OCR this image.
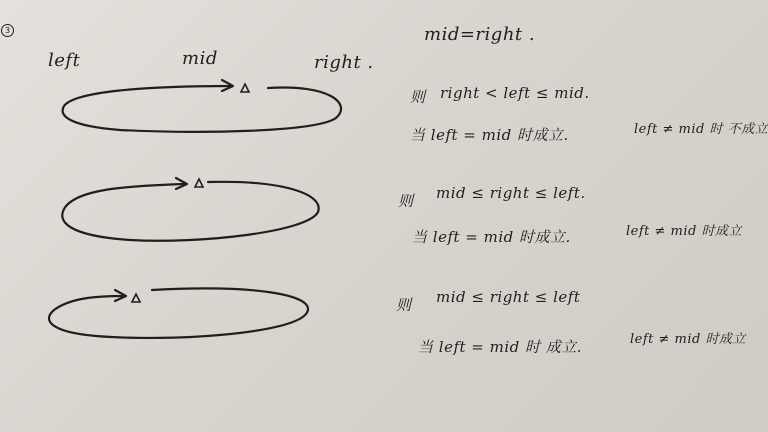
3
left	mid	right .
mid=right .
则 right < left ≤ mid.
当 left = mid 时成立.	left ≠ mid 时 不成立
则 mid ≤ right ≤ left.
当 left = mid 时成立.	left ≠ mid 时成立
则 mid ≤ right ≤ left
当 left = mid 时 成立.	left ≠ mid 时成立
